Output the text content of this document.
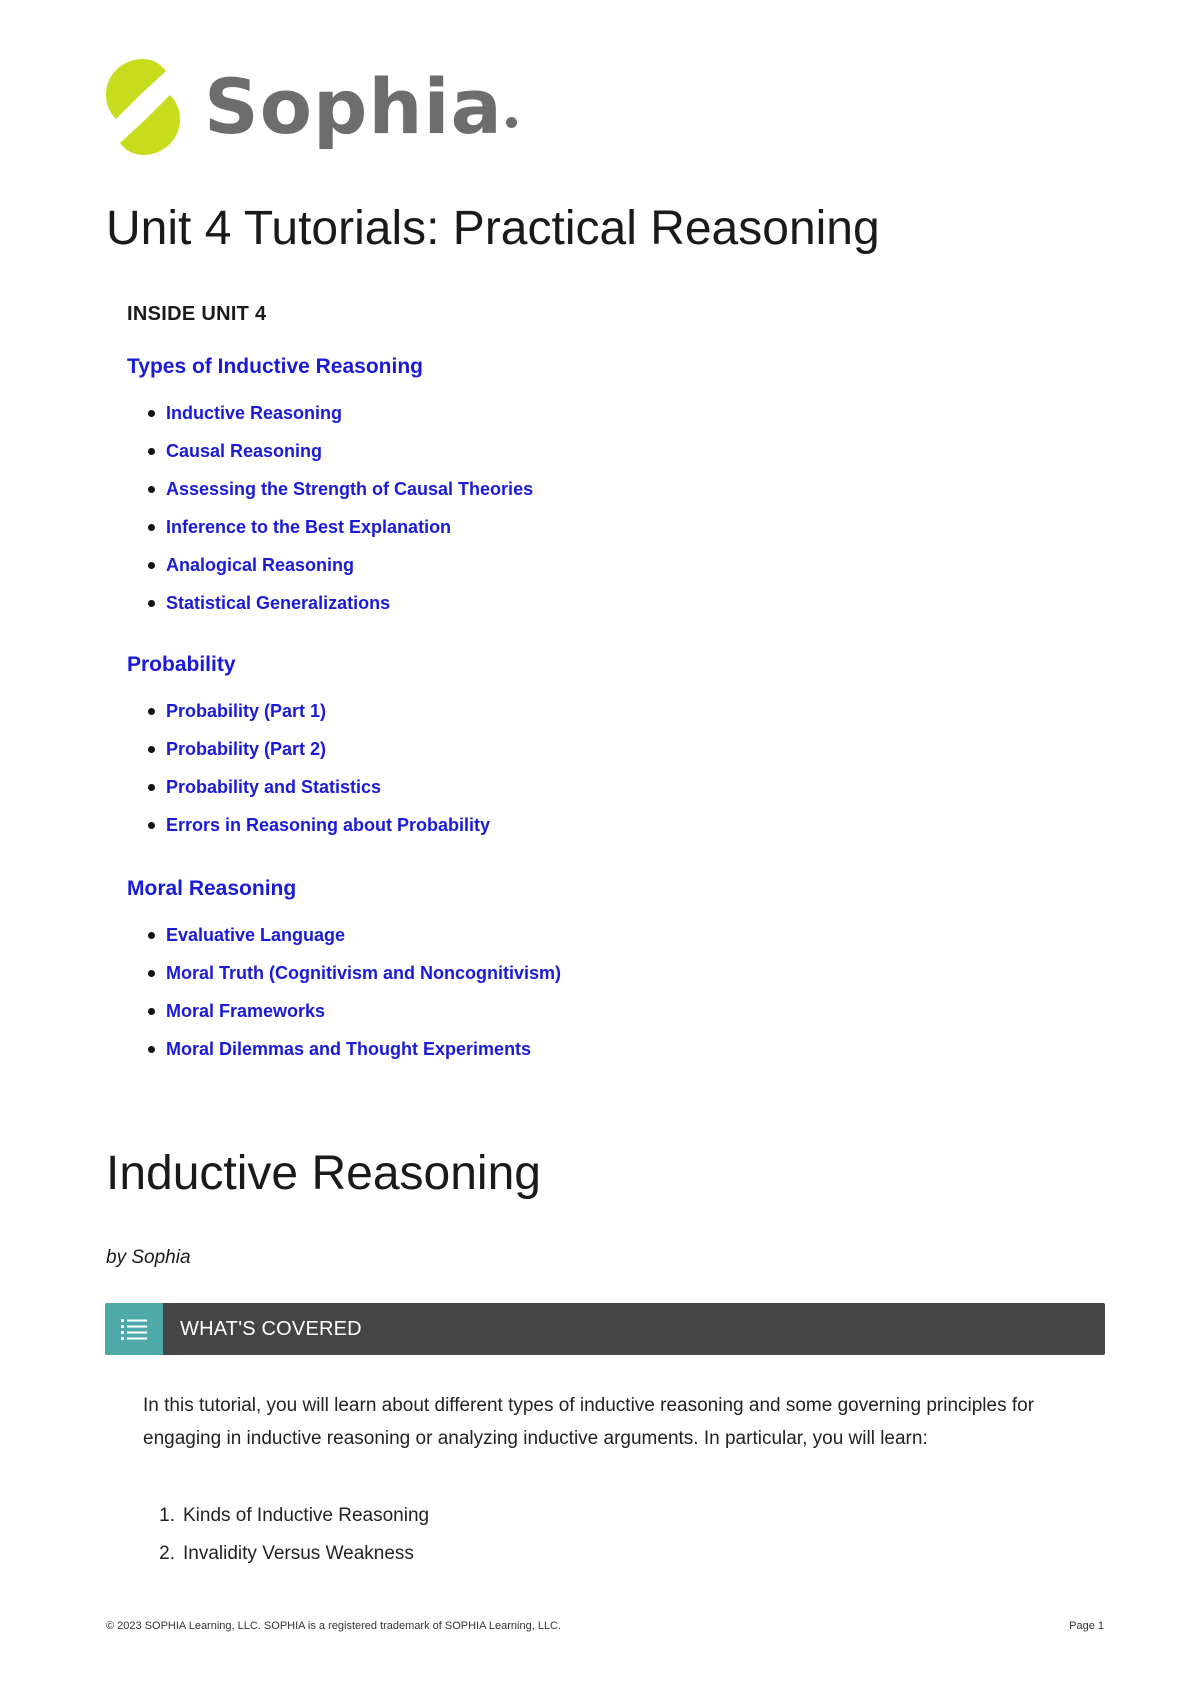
Sophia
Unit 4 Tutorials: Practical Reasoning
INSIDE UNIT 4
Types of Inductive Reasoning
Inductive Reasoning
Causal Reasoning
Assessing the Strength of Causal Theories
Inference to the Best Explanation
Analogical Reasoning
Statistical Generalizations
Probability
Probability (Part 1)
Probability (Part 2)
Probability and Statistics
Errors in Reasoning about Probability
Moral Reasoning
Evaluative Language
Moral Truth (Cognitivism and Noncognitivism)
Moral Frameworks
Moral Dilemmas and Thought Experiments
Inductive Reasoning
by Sophia
WHAT'S COVERED

In this tutorial, you will learn about different types of inductive reasoning and some governing principles for engaging in inductive reasoning or analyzing inductive arguments. In particular, you will learn:

1. Kinds of Inductive Reasoning
2. Invalidity Versus Weakness
© 2023 SOPHIA Learning, LLC. SOPHIA is a registered trademark of SOPHIA Learning, LLC.	Page 1
